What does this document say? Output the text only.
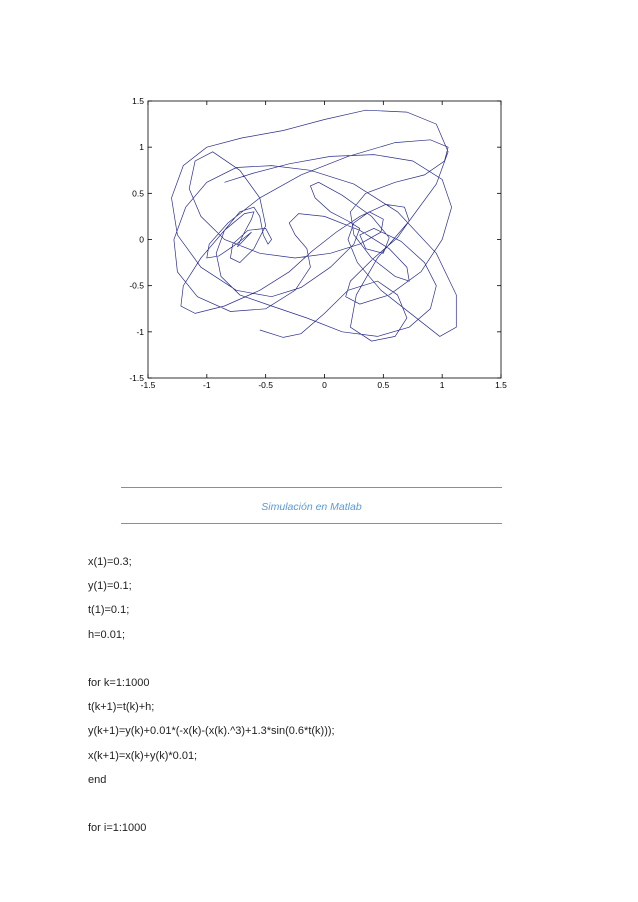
-1.5	-1	-0.5	0	0.5	1	1.5
1.5
1
0.5
0
-0.5
-1
-1.5
Simulación en Matlab
x(1)=0.3;
y(1)=0.1;
t(1)=0.1;
h=0.01;
for k=1:1000
t(k+1)=t(k)+h;
y(k+1)=y(k)+0.01*(-x(k)-(x(k).^3)+1.3*sin(0.6*t(k)));
x(k+1)=x(k)+y(k)*0.01;
end
for i=1:1000
